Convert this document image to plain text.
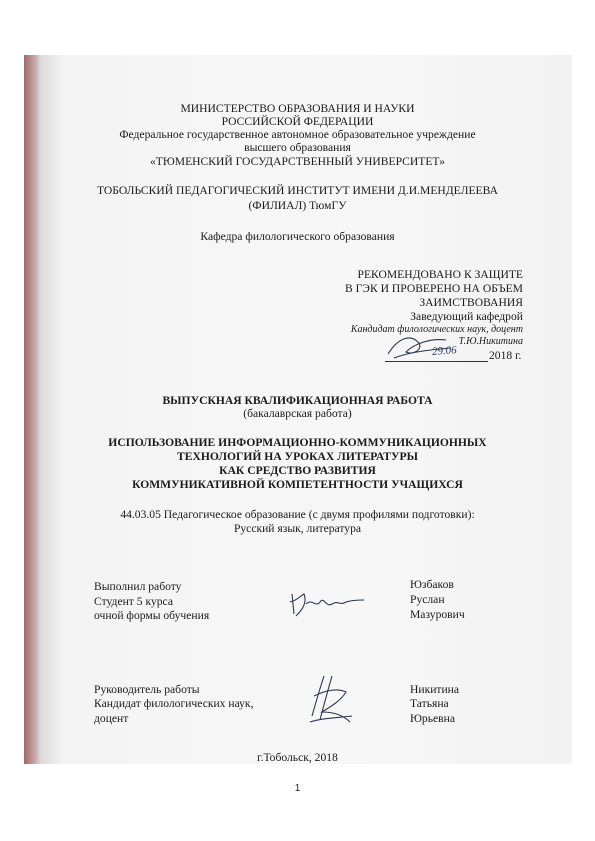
МИНИСТЕРСТВО ОБРАЗОВАНИЯ И НАУКИ
РОССИЙСКОЙ ФЕДЕРАЦИИ
Федеральное государственное автономное образовательное учреждение
высшего образования
«ТЮМЕНСКИЙ ГОСУДАРСТВЕННЫЙ УНИВЕРСИТЕТ»
ТОБОЛЬСКИЙ ПЕДАГОГИЧЕСКИЙ ИНСТИТУТ ИМЕНИ Д.И.МЕНДЕЛЕЕВА
(ФИЛИАЛ) ТюмГУ
Кафедра филологического образования
РЕКОМЕНДОВАНО К ЗАЩИТЕ
В ГЭК И ПРОВЕРЕНО НА ОБЪЕМ
ЗАИМСТВОВАНИЯ
Заведующий кафедрой
Кандидат филологических наук, доцент
Т.Ю.Никитина
2018 г.
29.06
ВЫПУСКНАЯ КВАЛИФИКАЦИОННАЯ РАБОТА
(бакалаврская работа)
ИСПОЛЬЗОВАНИЕ ИНФОРМАЦИОННО-КОММУНИКАЦИОННЫХ
ТЕХНОЛОГИЙ НА УРОКАХ ЛИТЕРАТУРЫ
КАК СРЕДСТВО РАЗВИТИЯ
КОММУНИКАТИВНОЙ КОМПЕТЕНТНОСТИ УЧАЩИХСЯ
44.03.05 Педагогическое образование (с двумя профилями подготовки):
Русский язык, литература
Выполнил работу
Студент 5 курса
очной формы обучения
Юзбаков
Руслан
Мазурович
Руководитель работы
Кандидат филологических наук,
доцент
Никитина
Татьяна
Юрьевна
г.Тобольск, 2018
1
